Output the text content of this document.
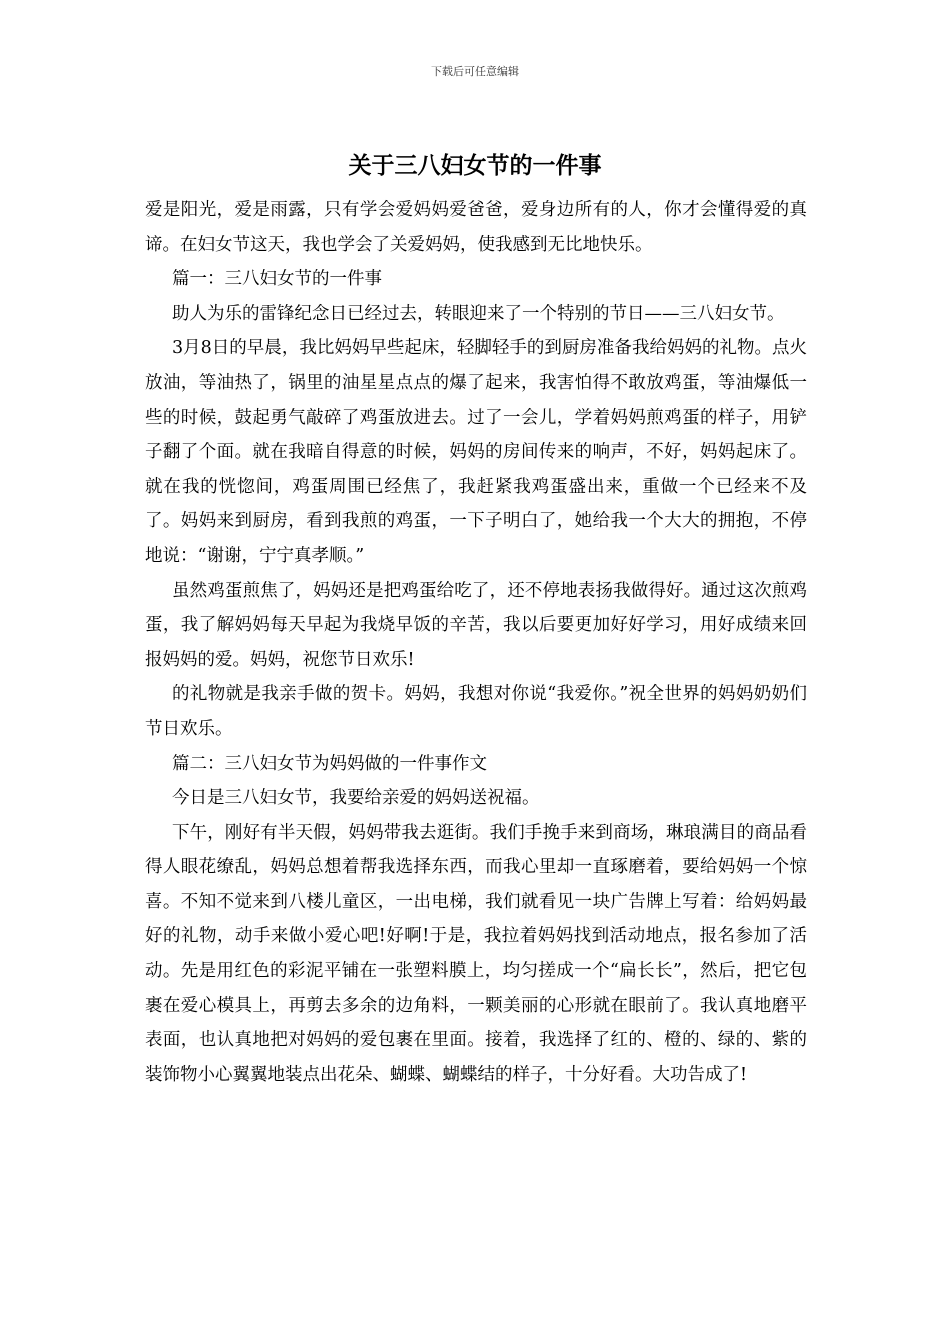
下载后可任意编辑
关于三八妇女节的一件事

爱是阳光，爱是雨露，只有学会爱妈妈爱爸爸，爱身边所有的人，你才会懂得爱的真谛。在妇女节这天，我也学会了关爱妈妈，使我感到无比地快乐。

篇一：三八妇女节的一件事

助人为乐的雷锋纪念日已经过去，转眼迎来了一个特别的节日——三八妇女节。

3月8日的早晨，我比妈妈早些起床，轻脚轻手的到厨房准备我给妈妈的礼物。点火放油，等油热了，锅里的油星星点点的爆了起来，我害怕得不敢放鸡蛋，等油爆低一些的时候，鼓起勇气敲碎了鸡蛋放进去。过了一会儿，学着妈妈煎鸡蛋的样子，用铲子翻了个面。就在我暗自得意的时候，妈妈的房间传来的响声，不好，妈妈起床了。就在我的恍惚间，鸡蛋周围已经焦了，我赶紧我鸡蛋盛出来，重做一个已经来不及了。妈妈来到厨房，看到我煎的鸡蛋，一下子明白了，她给我一个大大的拥抱，不停地说：“谢谢，宁宁真孝顺。”

虽然鸡蛋煎焦了，妈妈还是把鸡蛋给吃了，还不停地表扬我做得好。通过这次煎鸡蛋，我了解妈妈每天早起为我烧早饭的辛苦，我以后要更加好好学习，用好成绩来回报妈妈的爱。妈妈，祝您节日欢乐!

的礼物就是我亲手做的贺卡。妈妈，我想对你说“我爱你。”祝全世界的妈妈奶奶们节日欢乐。

篇二：三八妇女节为妈妈做的一件事作文

今日是三八妇女节，我要给亲爱的妈妈送祝福。

下午，刚好有半天假，妈妈带我去逛街。我们手挽手来到商场，琳琅满目的商品看得人眼花缭乱，妈妈总想着帮我选择东西，而我心里却一直琢磨着，要给妈妈一个惊喜。不知不觉来到八楼儿童区，一出电梯，我们就看见一块广告牌上写着：给妈妈最好的礼物，动手来做小爱心吧!好啊!于是，我拉着妈妈找到活动地点，报名参加了活动。先是用红色的彩泥平铺在一张塑料膜上，均匀搓成一个“扁长长”，然后，把它包裹在爱心模具上，再剪去多余的边角料，一颗美丽的心形就在眼前了。我认真地磨平表面，也认真地把对妈妈的爱包裹在里面。接着，我选择了红的、橙的、绿的、紫的装饰物小心翼翼地装点出花朵、蝴蝶、蝴蝶结的样子，十分好看。大功告成了!
